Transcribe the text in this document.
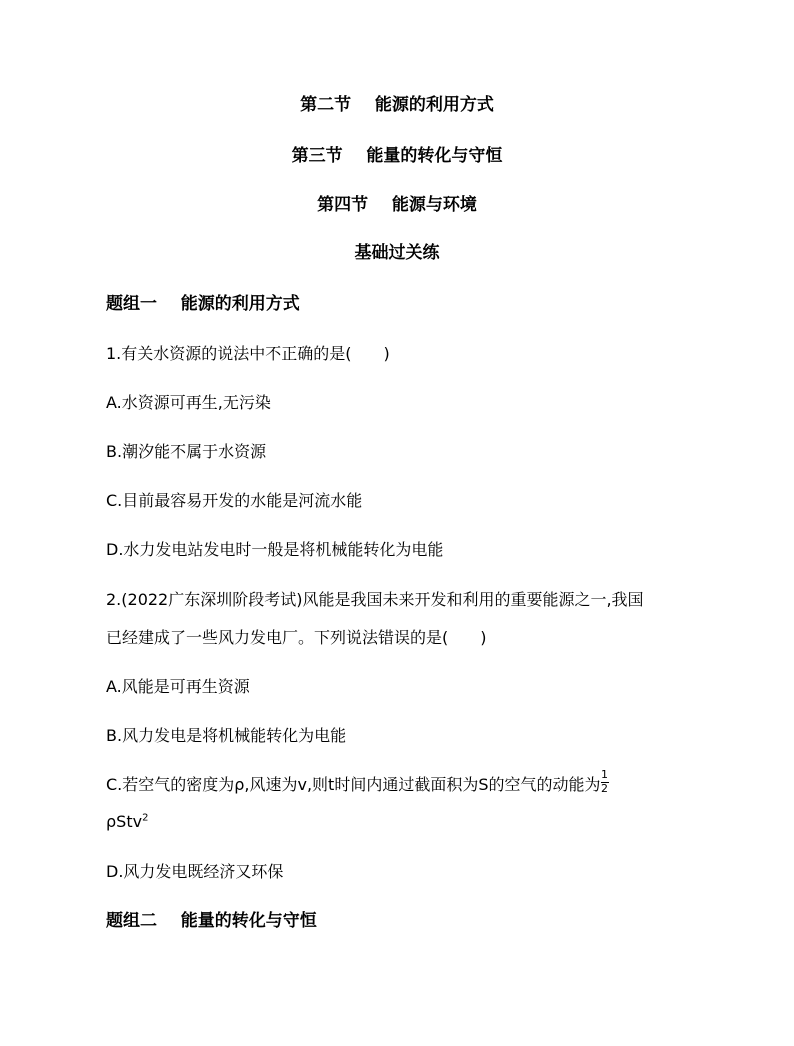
第二节 能源的利用方式
第三节 能量的转化与守恒
第四节 能源与环境
基础过关练
题组一 能源的利用方式
1.有关水资源的说法中不正确的是(　　)
A.水资源可再生,无污染
B.潮汐能不属于水资源
C.目前最容易开发的水能是河流水能
D.水力发电站发电时一般是将机械能转化为电能
2.(2022广东深圳阶段考试)风能是我国未来开发和利用的重要能源之一,我国
已经建成了一些风力发电厂。下列说法错误的是(　　)
A.风能是可再生资源
B.风力发电是将机械能转化为电能
C.若空气的密度为ρ,风速为v,则t时间内通过截面积为S的空气的动能为 $\frac{1}{2}$
ρStv$^2$
D.风力发电既经济又环保
题组二 能量的转化与守恒
